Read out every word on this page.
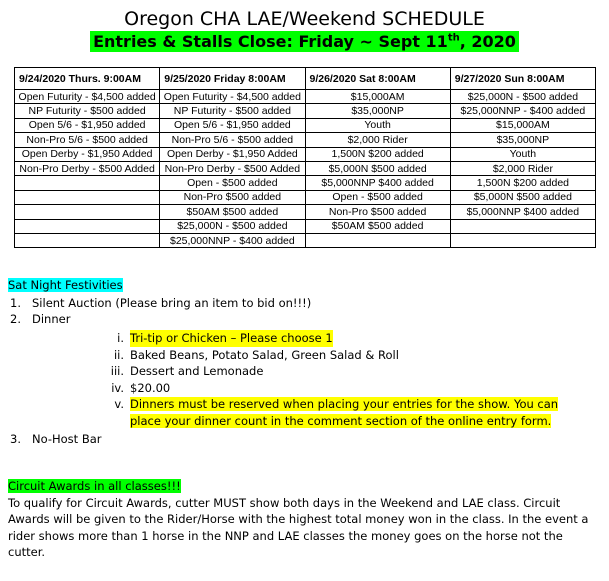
Oregon CHA LAE/Weekend SCHEDULE
Entries & Stalls Close: Friday ~ Sept 11th, 2020
9/24/2020 Thurs. 9:00AM	9/25/2020 Friday 8:00AM	9/26/2020 Sat 8:00AM	9/27/2020 Sun 8:00AM
Open Futurity - $4,500 added	Open Futurity - $4,500 added	$15,000AM	$25,000N - $500 added
NP Futurity - $500 added	NP Futurity - $500 added	$35,000NP	$25,000NNP - $400 added
Open 5/6 - $1,950 added	Open 5/6 - $1,950 added	Youth	$15,000AM
Non-Pro 5/6 - $500 added	Non-Pro 5/6 - $500 added	$2,000 Rider	$35,000NP
Open Derby - $1,950 Added	Open Derby - $1,950 Added	1,500N $200 added	Youth
Non-Pro Derby - $500 Added	Non-Pro Derby - $500 Added	$5,000N $500 added	$2,000 Rider
	Open - $500 added	$5,000NNP $400 added	1,500N $200 added
	Non-Pro $500 added	Open - $500 added	$5,000N $500 added
	$50AM $500 added	Non-Pro $500 added	$5,000NNP $400 added
	$25,000N - $500 added	$50AM $500 added	
	$25,000NNP - $400 added		
Sat Night Festivities
1. Silent Auction (Please bring an item to bid on!!!)
2. Dinner
i. Tri-tip or Chicken – Please choose 1
ii. Baked Beans, Potato Salad, Green Salad & Roll
iii. Dessert and Lemonade
iv. $20.00
v. Dinners must be reserved when placing your entries for the show. You can place your dinner count in the comment section of the online entry form.
3. No-Host Bar
Circuit Awards in all classes!!!
To qualify for Circuit Awards, cutter MUST show both days in the Weekend and LAE class. Circuit Awards will be given to the Rider/Horse with the highest total money won in the class. In the event a rider shows more than 1 horse in the NNP and LAE classes the money goes on the horse not the cutter.
